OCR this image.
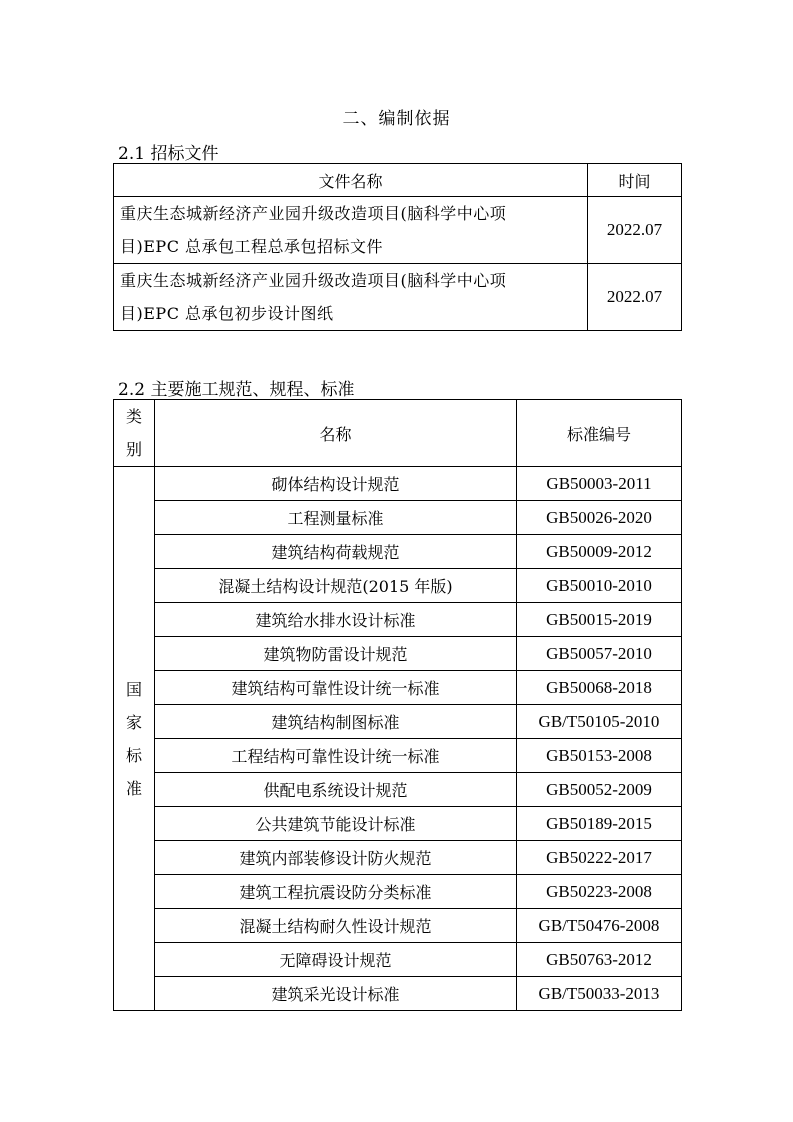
二、编制依据
2.1 招标文件
文件名称	时间

重庆生态城新经济产业园升级改造项目(脑科学中心项
目)EPC 总承包工程总承包招标文件	2022.07

重庆生态城新经济产业园升级改造项目(脑科学中心项
目)EPC 总承包初步设计图纸	2022.07
2.2 主要施工规范、规程、标准
类
别	名称	标准编号

国
家
标
准	砌体结构设计规范	GB50003-2011
	工程测量标准	GB50026-2020
	建筑结构荷载规范	GB50009-2012
	混凝土结构设计规范(2015 年版)	GB50010-2010
	建筑给水排水设计标准	GB50015-2019
	建筑物防雷设计规范	GB50057-2010
	建筑结构可靠性设计统一标准	GB50068-2018
	建筑结构制图标准	GB/T50105-2010
	工程结构可靠性设计统一标准	GB50153-2008
	供配电系统设计规范	GB50052-2009
	公共建筑节能设计标准	GB50189-2015
	建筑内部装修设计防火规范	GB50222-2017
	建筑工程抗震设防分类标准	GB50223-2008
	混凝土结构耐久性设计规范	GB/T50476-2008
	无障碍设计规范	GB50763-2012
	建筑采光设计标准	GB/T50033-2013
